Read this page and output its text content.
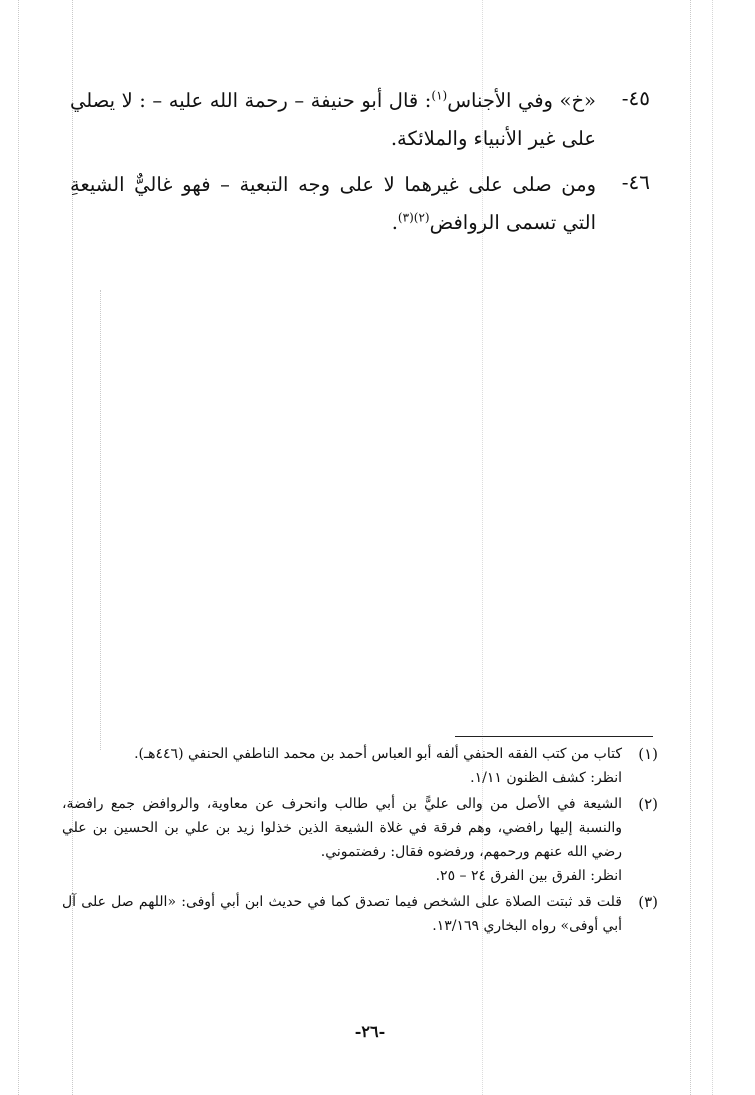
-٤٥
«خ» وفي الأجناس$^{(١)}$: قال أبو حنيفة – رحمة الله عليه – : لا يصلي على غير الأنبياء والملائكة.
-٤٦
ومن صلى على غيرهما لا على وجه التبعية – فهو غاليٌّ الشيعةِ التي تسمى الروافض$^{(٢)(٣)}$.
(١)

كتاب من كتب الفقه الحنفي ألفه أبو العباس أحمد بن محمد الناطفي الحنفي (٤٤٦هـ).

انظر: كشف الظنون ١/١١.

(٢)

الشيعة في الأصل من والى عليًّ بن أبي طالب وانحرف عن معاوية، والروافض جمع رافضة، والنسبة إليها رافضي، وهم فرقة في غلاة الشيعة الذين خذلوا زيد بن علي بن الحسين بن علي رضي الله عنهم ورحمهم، ورفضوه فقال: رفضتموني.

انظر: الفرق بين الفرق ٢٤ – ٢٥.

(٣)

قلت قد ثبتت الصلاة على الشخص فيما تصدق كما في حديث ابن أبي أوفى: «اللهم صل على آل أبي أوفى» رواه البخاري ١٣/١٦٩.

-٢٦-
